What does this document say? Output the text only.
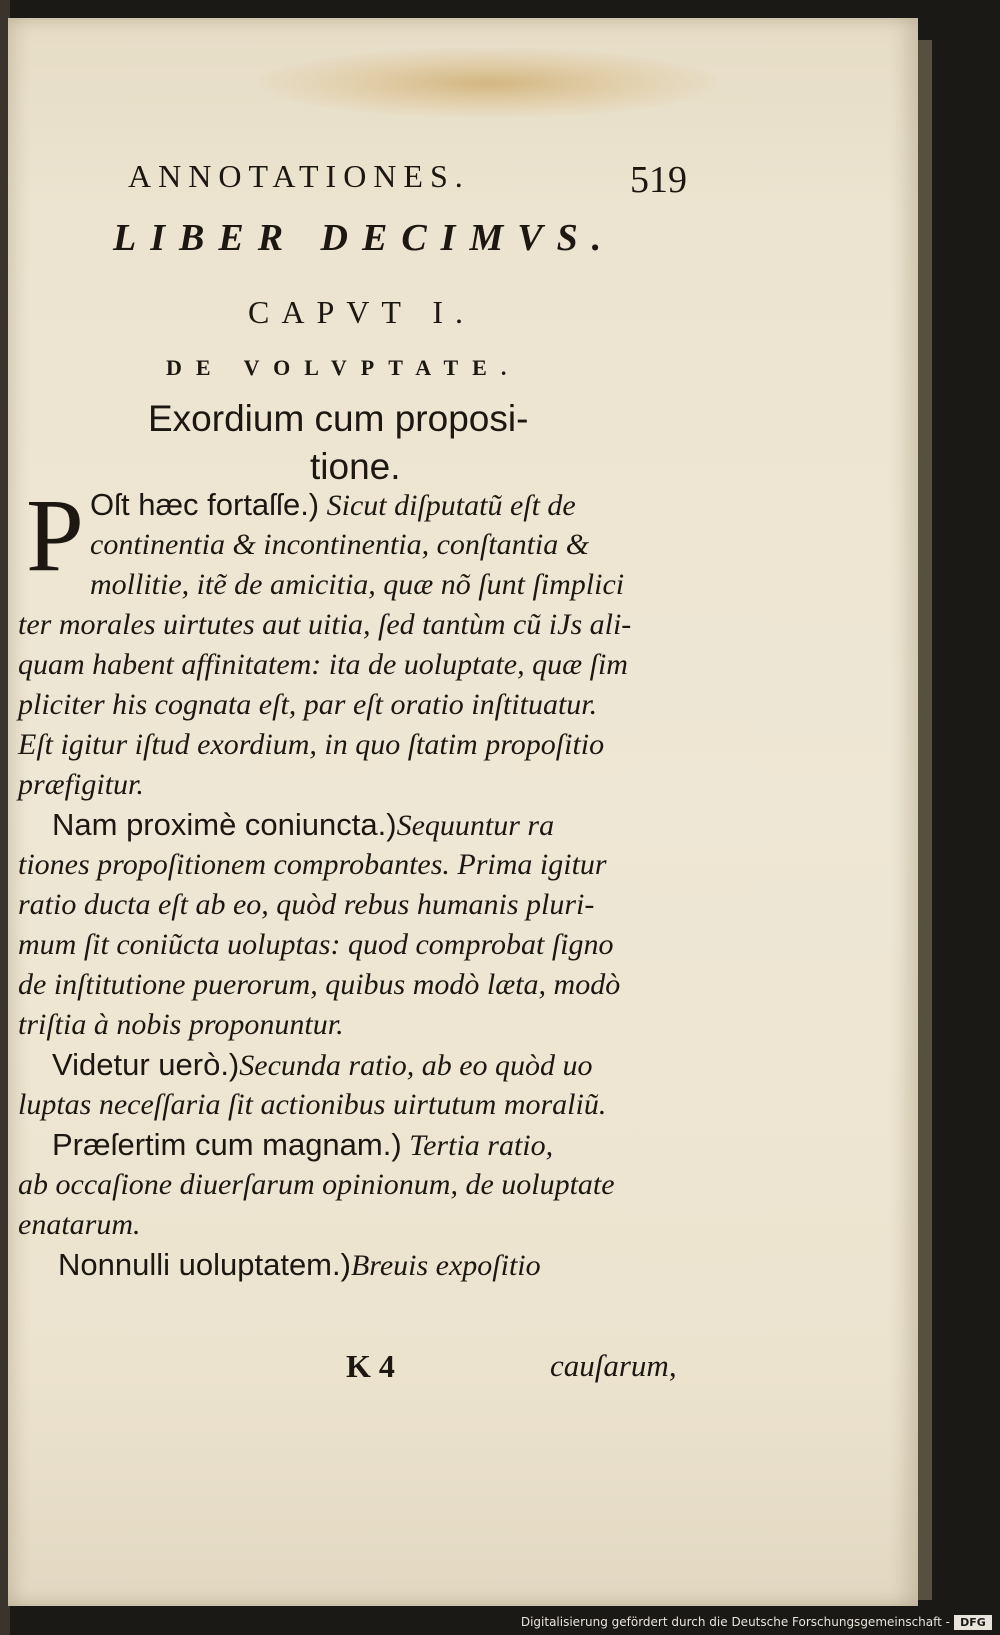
ANNOTATIONES.	519
LIBER DECIMVS.
CAPVT I.
DE VOLVPTATE.
Exordium cum proposi-
tione.
P Oſt hæc fortaſſe.) Sicut diſputatũ eſt de
continentia & incontinentia, conſtantia &
mollitie, itẽ de amicitia, quæ nõ ſunt ſimplici
ter morales uirtutes aut uitia, ſed tantùm cũ iJs ali-
quam habent affinitatem: ita de uoluptate, quæ ſim
pliciter his cognata eſt, par eſt oratio inſtituatur.
Eſt igitur iſtud exordium, in quo ſtatim propoſitio
præfigitur.
Nam proximè coniuncta.)Sequuntur ra
tiones propoſitionem comprobantes. Prima igitur
ratio ducta eſt ab eo, quòd rebus humanis pluri-
mum ſit coniũcta uoluptas: quod comprobat ſigno
de inſtitutione puerorum, quibus modò læta, modò
triſtia à nobis proponuntur.
Videtur uerò.)Secunda ratio, ab eo quòd uo
luptas neceſſaria ſit actionibus uirtutum moraliũ.
Præſertim cum magnam.) Tertia ratio,
ab occaſione diuerſarum opinionum, de uoluptate
enatarum.
Nonnulli uoluptatem.)Breuis expoſitio
K 4	cauſarum,
Digitalisierung gefördert durch die Deutsche Forschungsgemeinschaft - DFG
